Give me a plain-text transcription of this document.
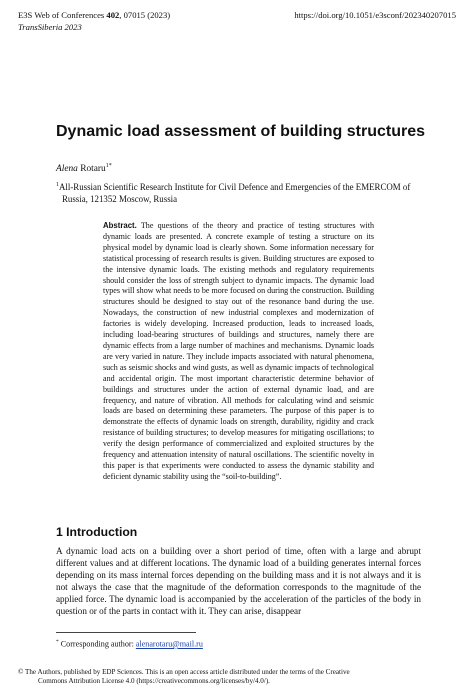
E3S Web of Conferences 402, 07015 (2023)
TransSiberia 2023
https://doi.org/10.1051/e3sconf/202340207015
Dynamic load assessment of building structures
Alena Rotaru$^{1*}$
$^1$All-Russian Scientific Research Institute for Civil Defence and Emergencies of the EMERCOM of
Russia, 121352 Moscow, Russia
Abstract. The questions of the theory and practice of testing structures with dynamic loads are presented. A concrete example of testing a structure on its physical model by dynamic load is clearly shown. Some information necessary for statistical processing of research results is given. Building structures are exposed to the intensive dynamic loads. The existing methods and regulatory requirements should consider the loss of strength subject to dynamic impacts. The dynamic load types will show what needs to be more focused on during the construction. Building structures should be designed to stay out of the resonance band during the use. Nowadays, the construction of new industrial complexes and modernization of factories is widely developing. Increased production, leads to increased loads, including load-bearing structures of buildings and structures, namely there are dynamic effects from a large number of machines and mechanisms. Dynamic loads are very varied in nature. They include impacts associated with natural phenomena, such as seismic shocks and wind gusts, as well as dynamic impacts of technological and accidental origin. The most important characteristic determine behavior of buildings and structures under the action of external dynamic load, and are frequency, and nature of vibration. All methods for calculating wind and seismic loads are based on determining these parameters. The purpose of this paper is to demonstrate the effects of dynamic loads on strength, durability, rigidity and crack resistance of building structures; to develop measures for mitigating oscillations; to verify the design performance of commercialized and exploited structures by the frequency and attenuation intensity of natural oscillations. The scientific novelty in this paper is that experiments were conducted to assess the dynamic stability and deficient dynamic stability using the “soil-to-building”.
1 Introduction
A dynamic load acts on a building over a short period of time, often with a large and abrupt different values and at different locations. The dynamic load of a building generates internal forces depending on its mass internal forces depending on the building mass and it is not always and it is not always the case that the magnitude of the deformation corresponds to the magnitude of the applied force. The dynamic load is accompanied by the acceleration of the particles of the body in question or of the parts in contact with it. They can arise, disappear
* Corresponding author: alenarotaru@mail.ru
© The Authors, published by EDP Sciences. This is an open access article distributed under the terms of the Creative
Commons Attribution License 4.0 (https://creativecommons.org/licenses/by/4.0/).
